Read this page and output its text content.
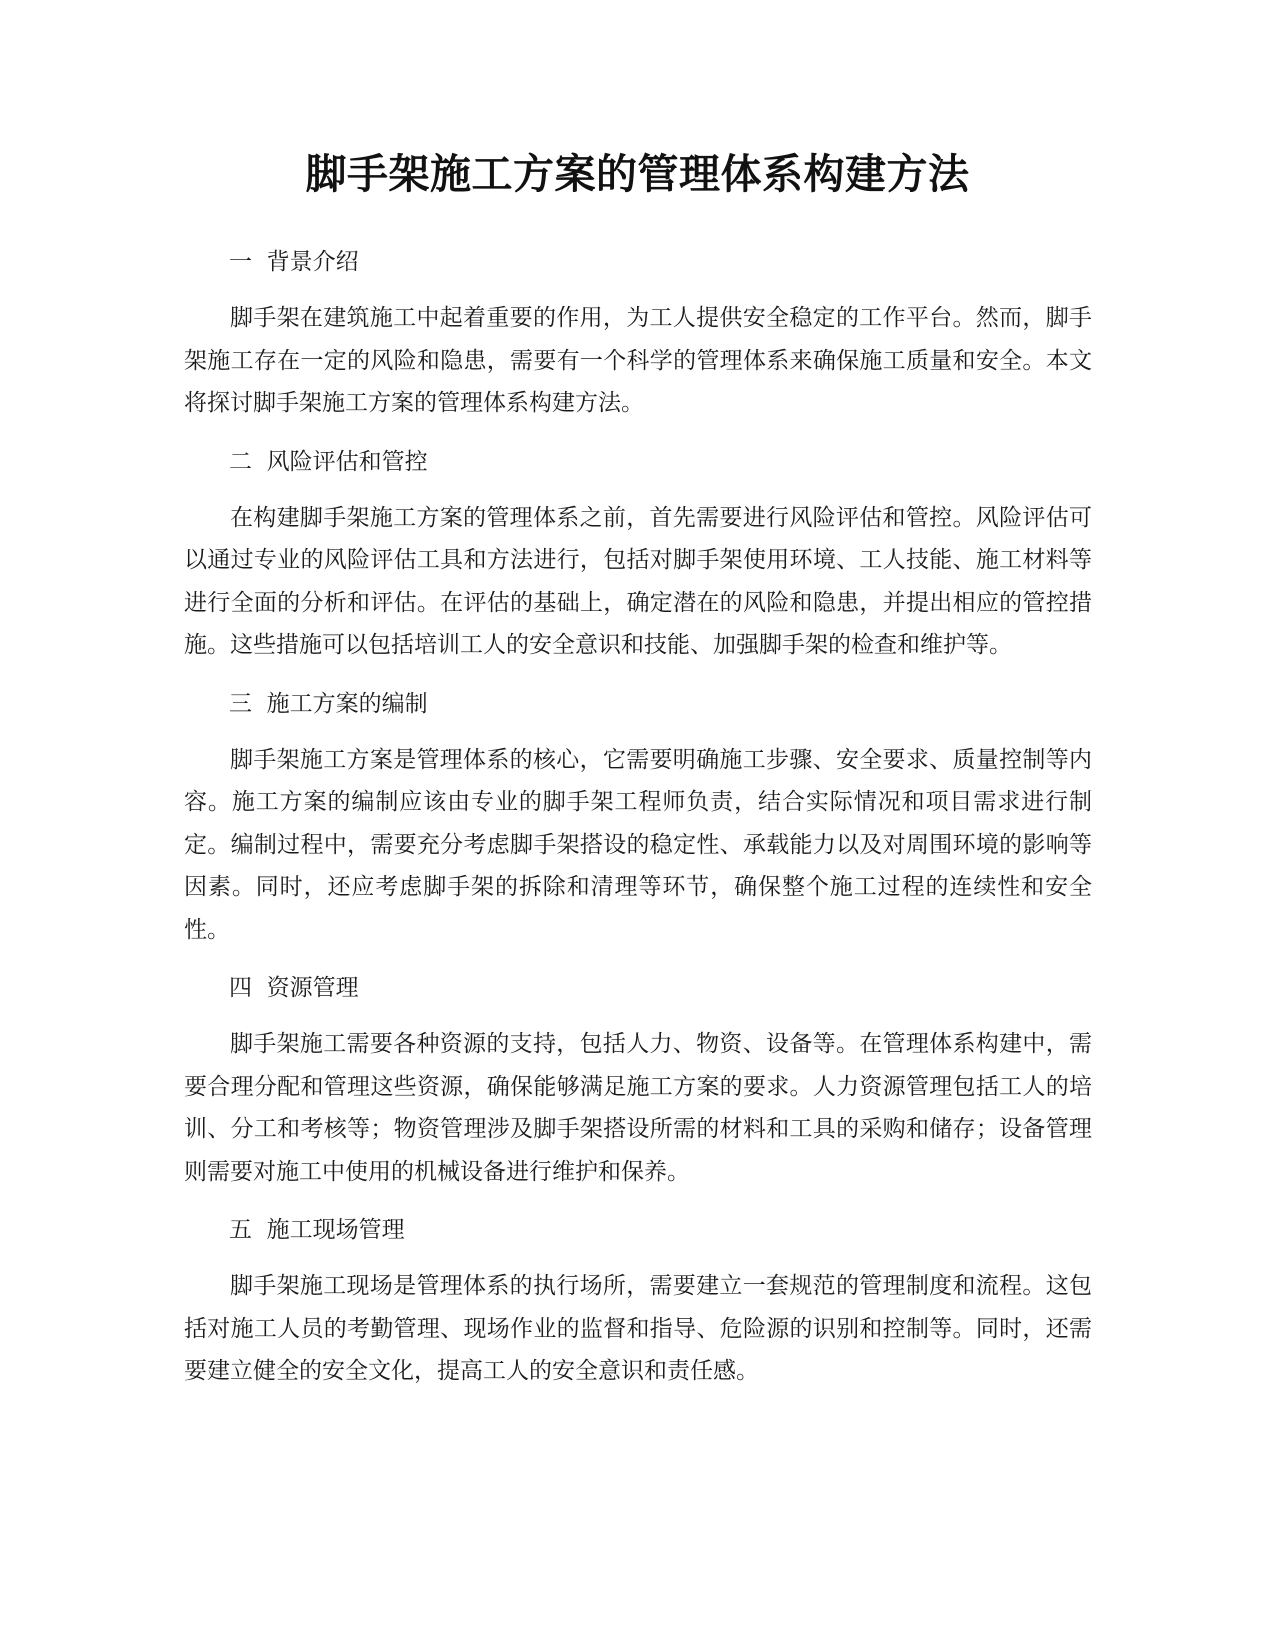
脚手架施工方案的管理体系构建方法
一  背景介绍

脚手架在建筑施工中起着重要的作用，为工人提供安全稳定的工作平台。然而，脚手架施工存在一定的风险和隐患，需要有一个科学的管理体系来确保施工质量和安全。本文将探讨脚手架施工方案的管理体系构建方法。

二  风险评估和管控

在构建脚手架施工方案的管理体系之前，首先需要进行风险评估和管控。风险评估可以通过专业的风险评估工具和方法进行，包括对脚手架使用环境、工人技能、施工材料等进行全面的分析和评估。在评估的基础上，确定潜在的风险和隐患，并提出相应的管控措施。这些措施可以包括培训工人的安全意识和技能、加强脚手架的检查和维护等。

三  施工方案的编制

脚手架施工方案是管理体系的核心，它需要明确施工步骤、安全要求、质量控制等内容。施工方案的编制应该由专业的脚手架工程师负责，结合实际情况和项目需求进行制定。编制过程中，需要充分考虑脚手架搭设的稳定性、承载能力以及对周围环境的影响等因素。同时，还应考虑脚手架的拆除和清理等环节，确保整个施工过程的连续性和安全性。

四  资源管理

脚手架施工需要各种资源的支持，包括人力、物资、设备等。在管理体系构建中，需要合理分配和管理这些资源，确保能够满足施工方案的要求。人力资源管理包括工人的培训、分工和考核等；物资管理涉及脚手架搭设所需的材料和工具的采购和储存；设备管理则需要对施工中使用的机械设备进行维护和保养。

五  施工现场管理

脚手架施工现场是管理体系的执行场所，需要建立一套规范的管理制度和流程。这包括对施工人员的考勤管理、现场作业的监督和指导、危险源的识别和控制等。同时，还需要建立健全的安全文化，提高工人的安全意识和责任感。
